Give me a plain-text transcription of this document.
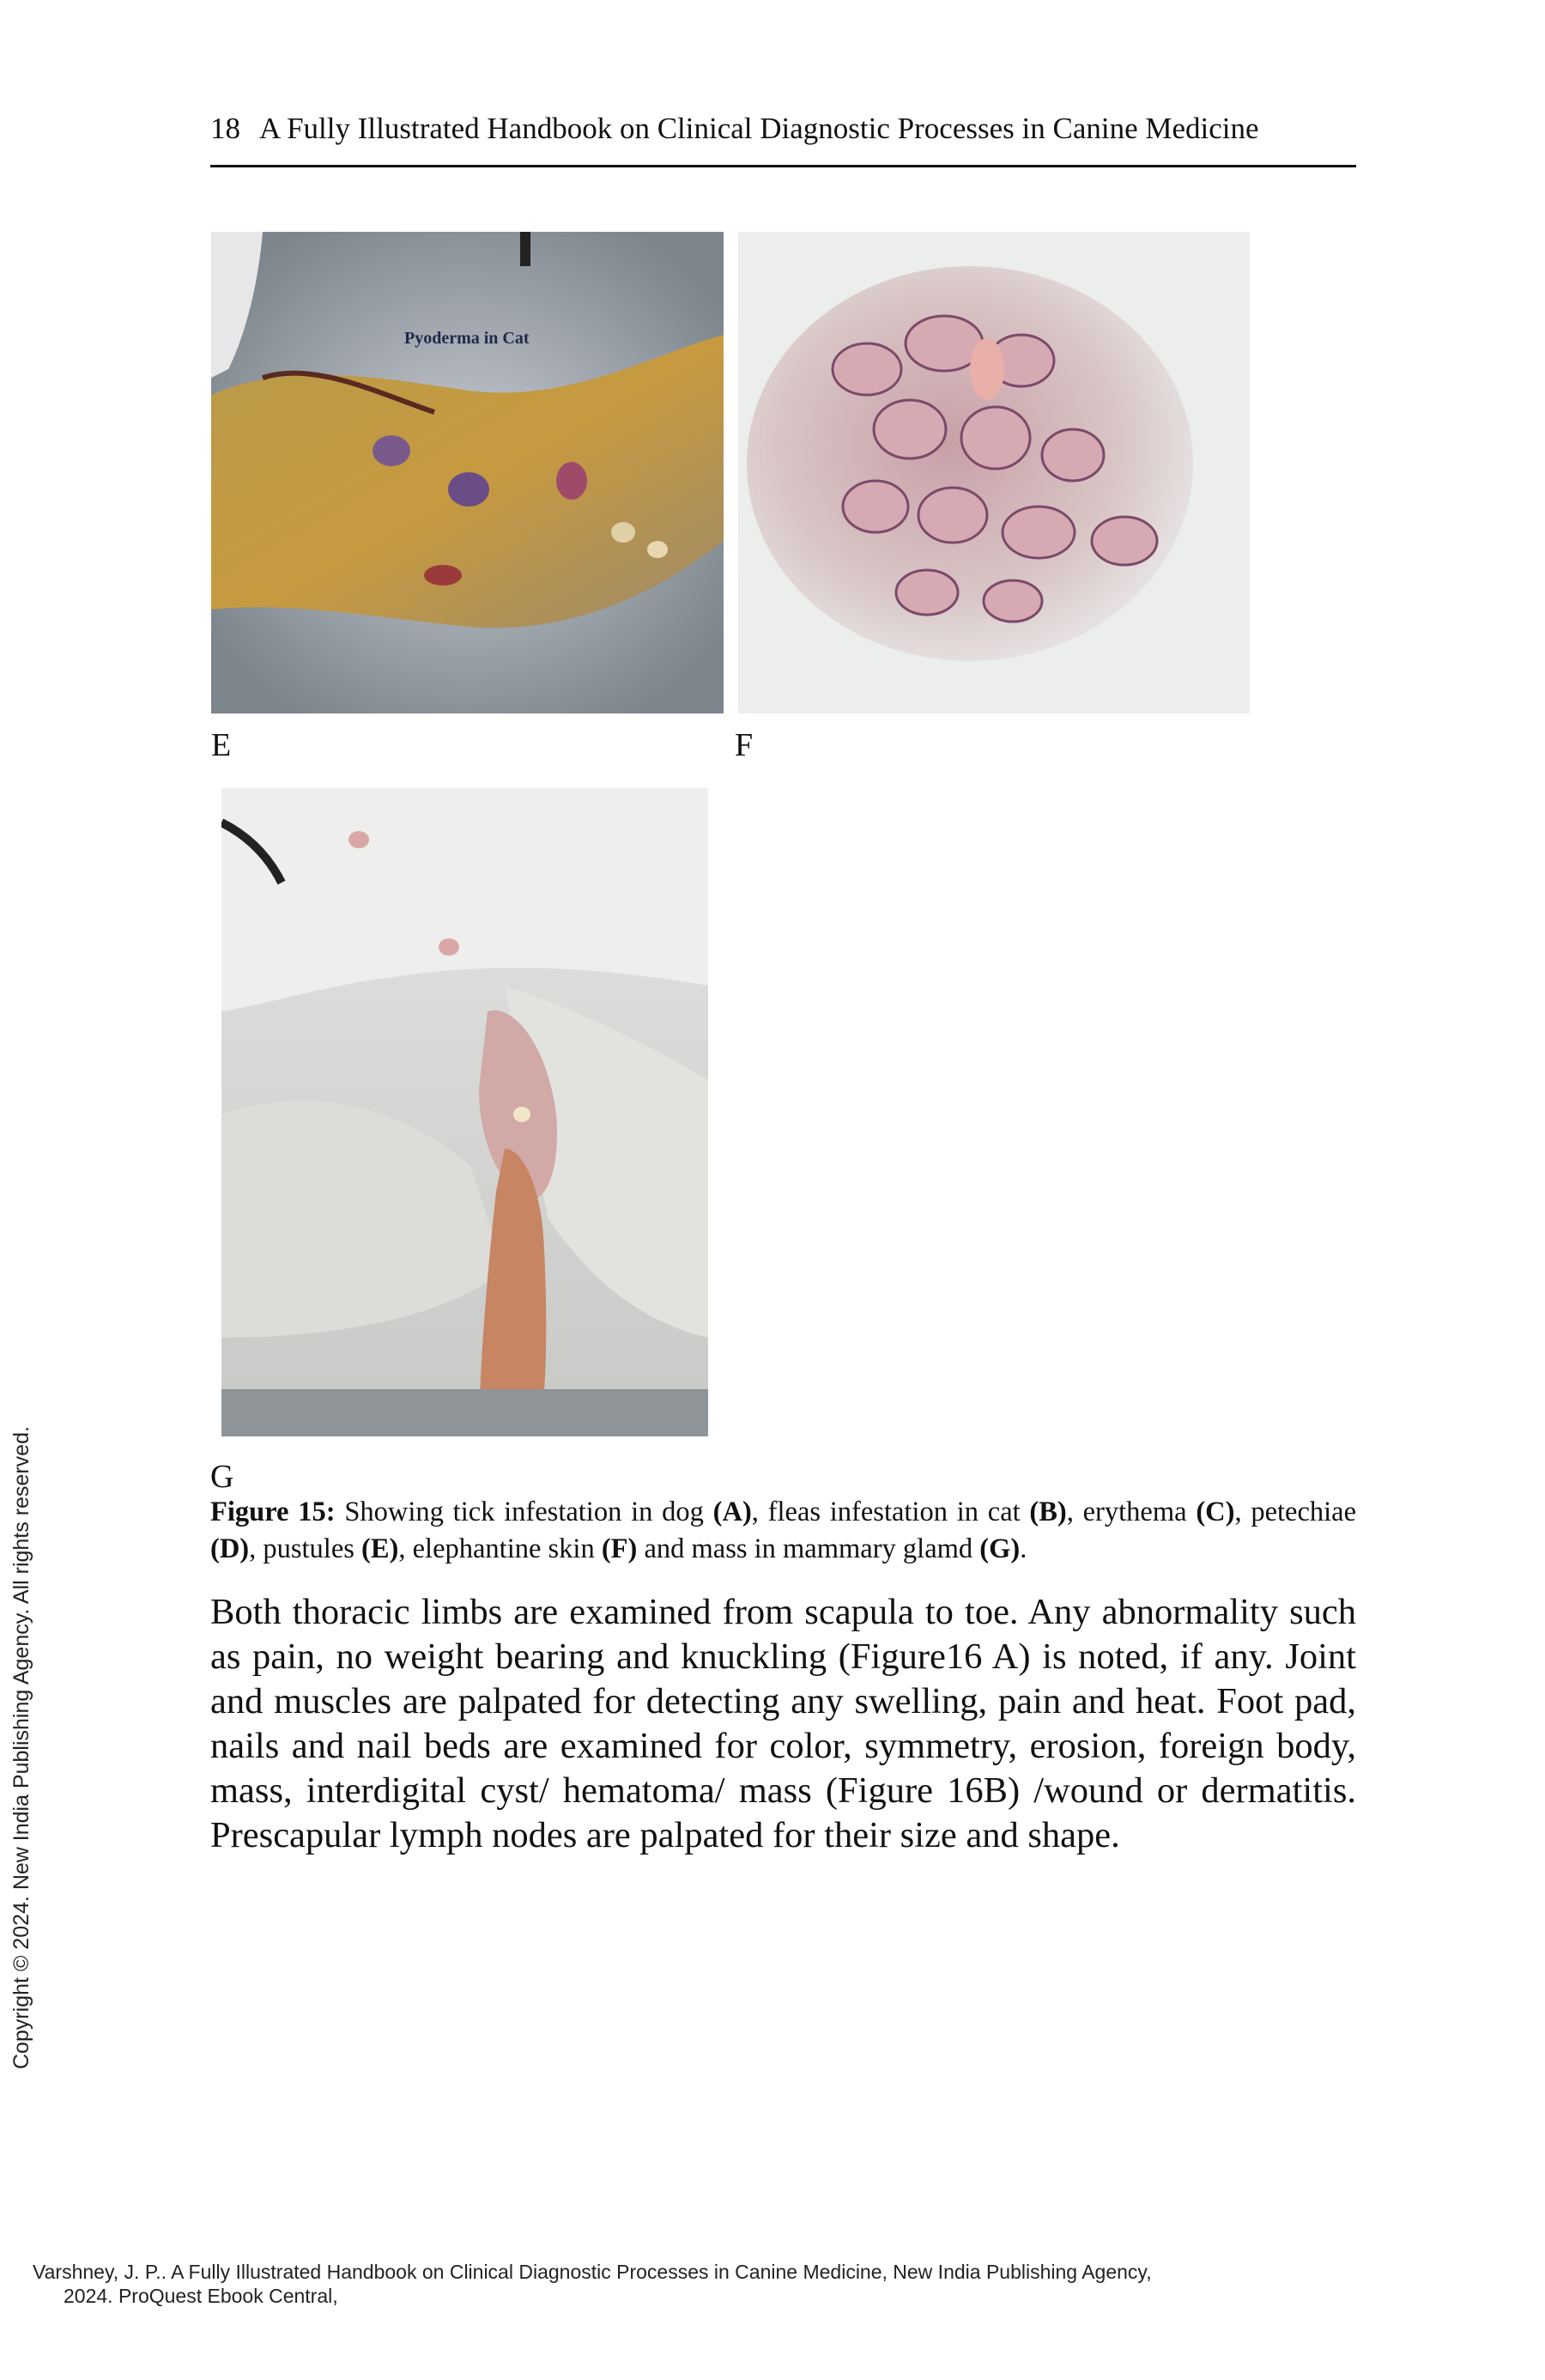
18 A Fully Illustrated Handbook on Clinical Diagnostic Processes in Canine Medicine
Pyoderma in Cat
E	F
G
Figure 15: Showing tick infestation in dog (A), fleas infestation in cat (B), erythema (C), petechiae (D), pustules (E), elephantine skin (F) and mass in mammary glamd (G).
Both thoracic limbs are examined from scapula to toe. Any abnormality such as pain, no weight bearing and knuckling (Figure16 A) is noted, if any. Joint and muscles are palpated for detecting any swelling, pain and heat. Foot pad, nails and nail beds are examined for color, symmetry, erosion, foreign body, mass, interdigital cyst/ hematoma/ mass (Figure 16B) /wound or dermatitis. Prescapular lymph nodes are palpated for their size and shape.
Copyright © 2024. New India Publishing Agency. All rights reserved.
Varshney, J. P.. A Fully Illustrated Handbook on Clinical Diagnostic Processes in Canine Medicine, New India Publishing Agency,
2024. ProQuest Ebook Central,
